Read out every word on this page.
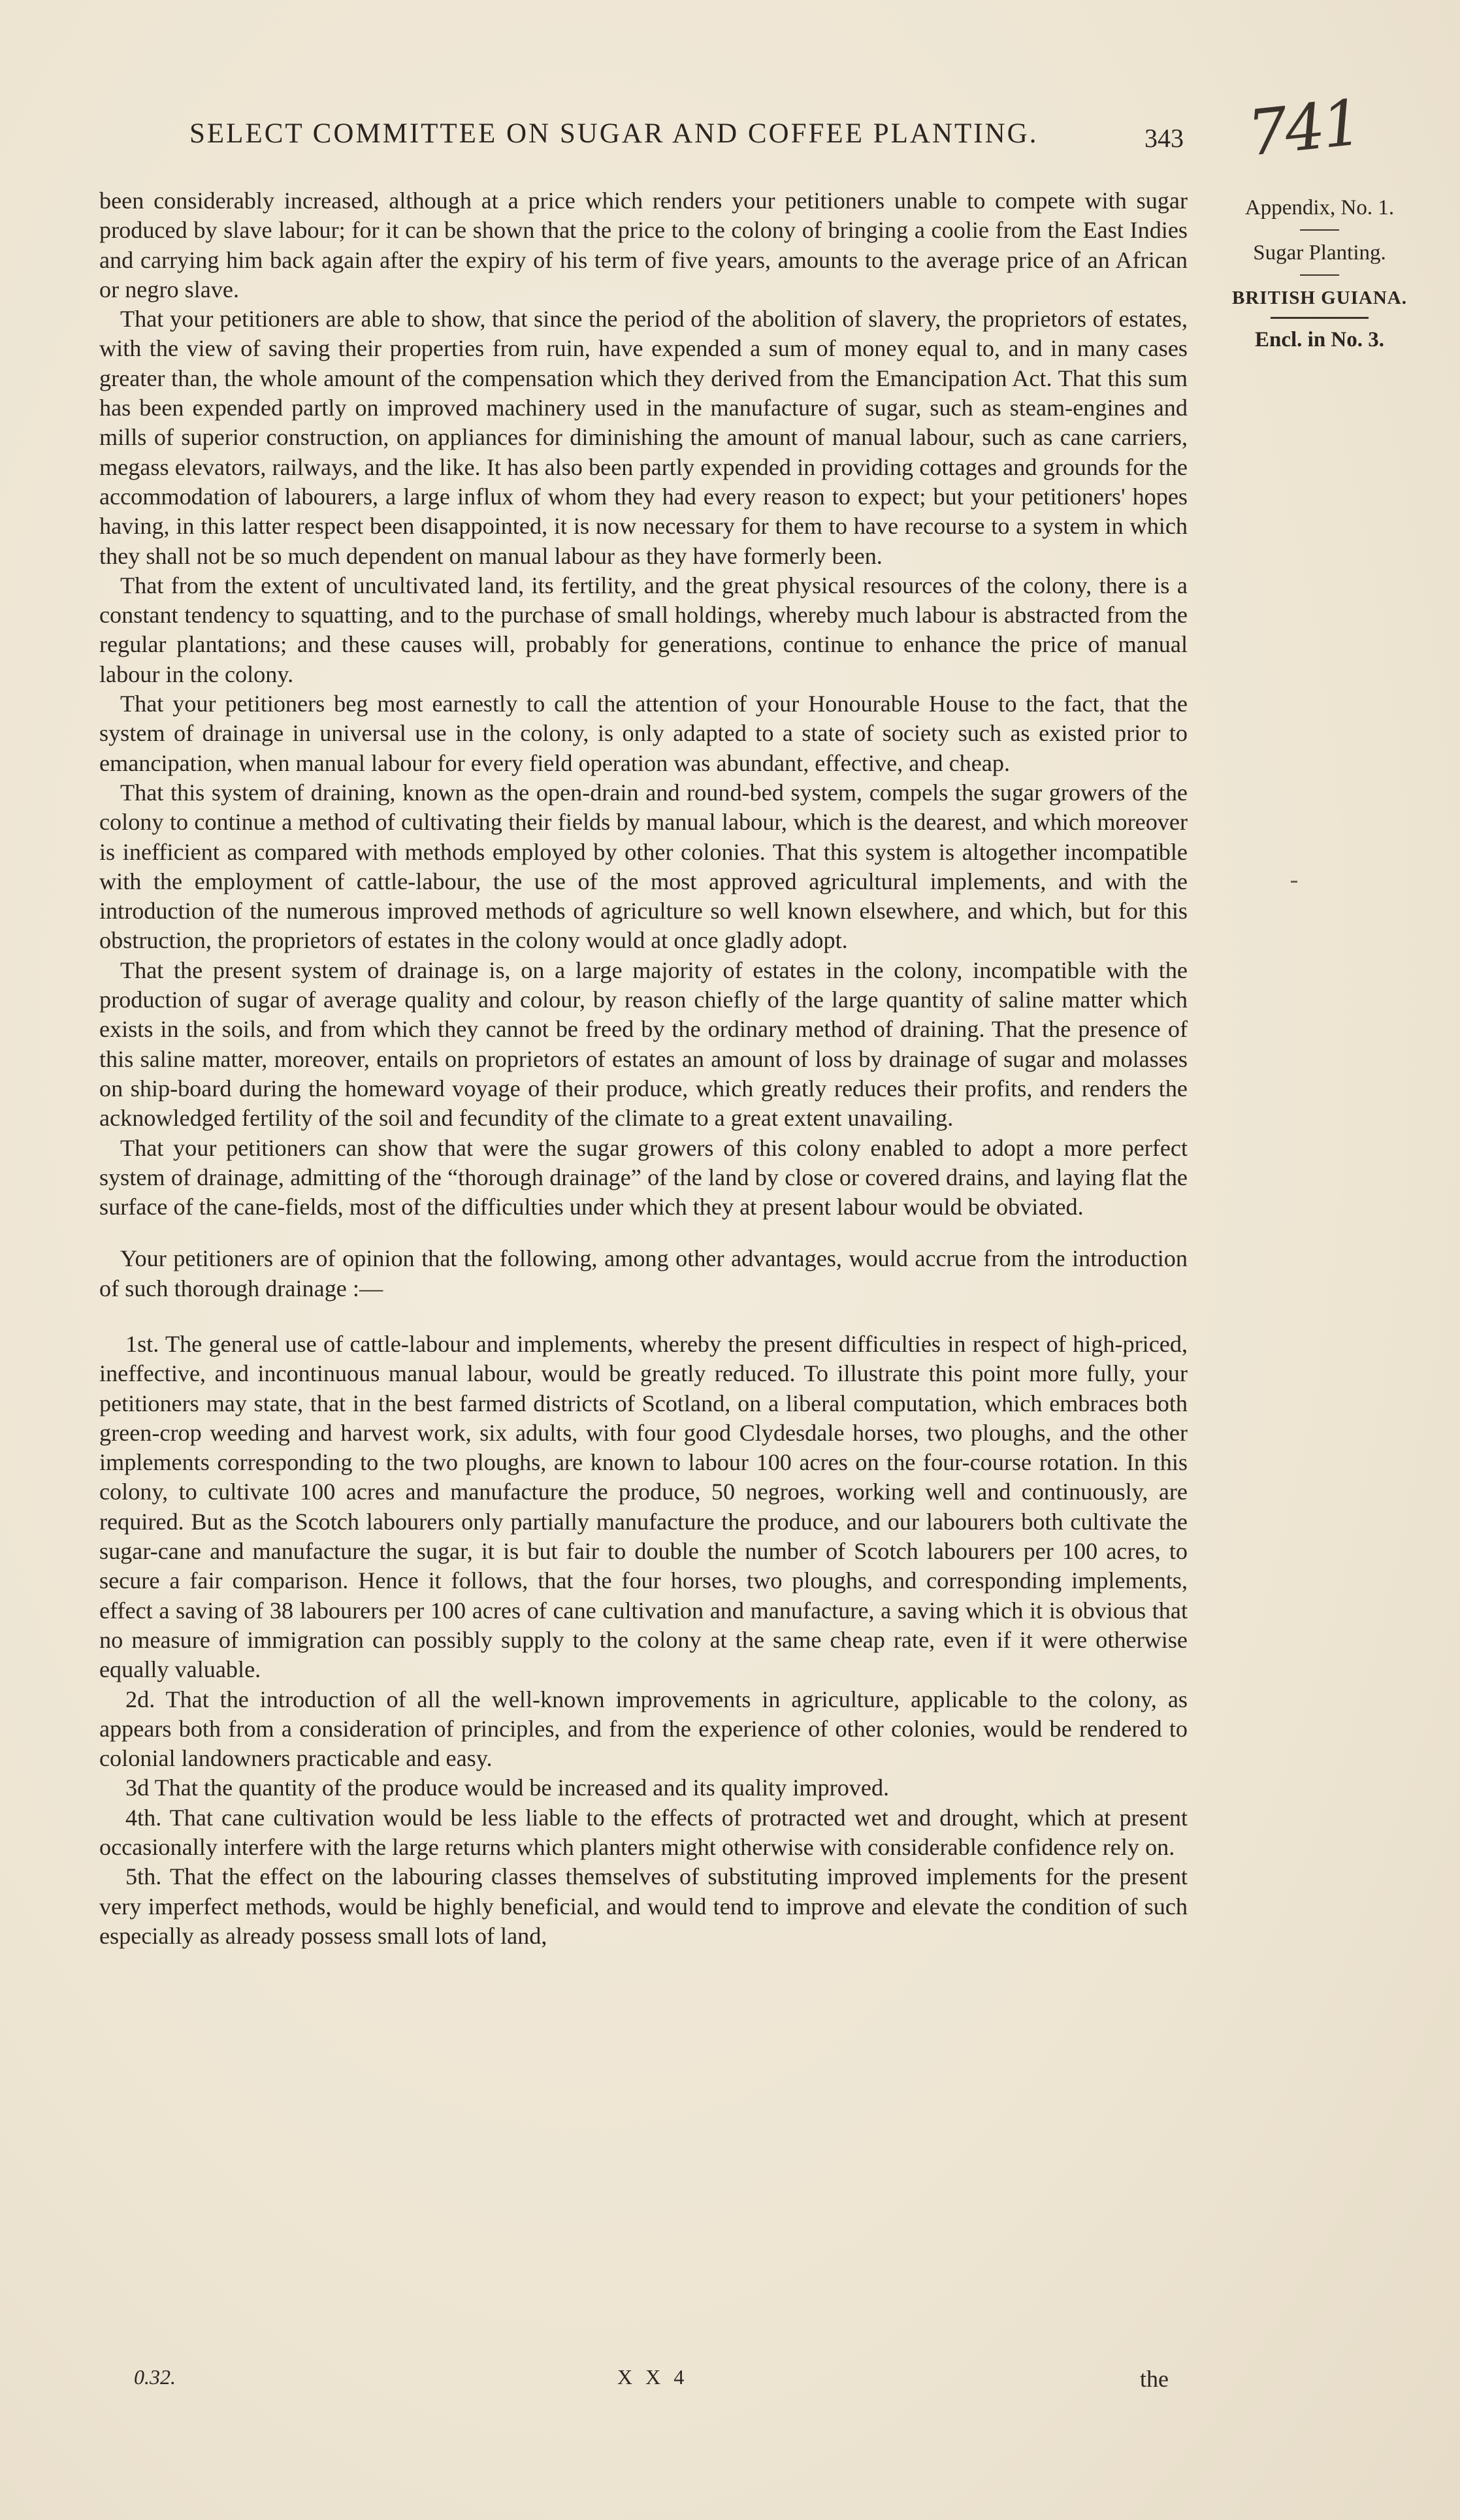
SELECT COMMITTEE ON SUGAR AND COFFEE PLANTING.	343 741
Appendix, No. 1.
Sugar Planting.
BRITISH GUIANA.
Encl. in No. 3.

been considerably increased, although at a price which renders your petitioners unable to compete with sugar produced by slave labour; for it can be shown that the price to the colony of bringing a coolie from the East Indies and carrying him back again after the expiry of his term of five years, amounts to the average price of an African or negro slave.

That your petitioners are able to show, that since the period of the abolition of slavery, the proprietors of estates, with the view of saving their properties from ruin, have expended a sum of money equal to, and in many cases greater than, the whole amount of the compensation which they derived from the Emancipation Act. That this sum has been expended partly on improved machinery used in the manufacture of sugar, such as steam-engines and mills of superior construction, on appliances for diminishing the amount of manual labour, such as cane carriers, megass elevators, railways, and the like. It has also been partly expended in providing cottages and grounds for the accommodation of labourers, a large influx of whom they had every reason to expect; but your petitioners' hopes having, in this latter respect been disappointed, it is now necessary for them to have recourse to a system in which they shall not be so much dependent on manual labour as they have formerly been.

That from the extent of uncultivated land, its fertility, and the great physical resources of the colony, there is a constant tendency to squatting, and to the purchase of small holdings, whereby much labour is abstracted from the regular plantations; and these causes will, probably for generations, continue to enhance the price of manual labour in the colony.

That your petitioners beg most earnestly to call the attention of your Honourable House to the fact, that the system of drainage in universal use in the colony, is only adapted to a state of society such as existed prior to emancipation, when manual labour for every field operation was abundant, effective, and cheap.

That this system of draining, known as the open-drain and round-bed system, compels the sugar growers of the colony to continue a method of cultivating their fields by manual labour, which is the dearest, and which moreover is inefficient as compared with methods employed by other colonies. That this system is altogether incompatible with the employment of cattle-labour, the use of the most approved agricultural implements, and with the introduction of the numerous improved methods of agriculture so well known elsewhere, and which, but for this obstruction, the proprietors of estates in the colony would at once gladly adopt.

That the present system of drainage is, on a large majority of estates in the colony, incompatible with the production of sugar of average quality and colour, by reason chiefly of the large quantity of saline matter which exists in the soils, and from which they cannot be freed by the ordinary method of draining. That the presence of this saline matter, moreover, entails on proprietors of estates an amount of loss by drainage of sugar and molasses on ship-board during the homeward voyage of their produce, which greatly reduces their profits, and renders the acknowledged fertility of the soil and fecundity of the climate to a great extent unavailing.

That your petitioners can show that were the sugar growers of this colony enabled to adopt a more perfect system of drainage, admitting of the “thorough drainage” of the land by close or covered drains, and laying flat the surface of the cane-fields, most of the difficulties under which they at present labour would be obviated.

Your petitioners are of opinion that the following, among other advantages, would accrue from the introduction of such thorough drainage :—

1st. The general use of cattle-labour and implements, whereby the present difficulties in respect of high-priced, ineffective, and incontinuous manual labour, would be greatly reduced. To illustrate this point more fully, your petitioners may state, that in the best farmed districts of Scotland, on a liberal computation, which embraces both green-crop weeding and harvest work, six adults, with four good Clydesdale horses, two ploughs, and the other implements corresponding to the two ploughs, are known to labour 100 acres on the four-course rotation. In this colony, to cultivate 100 acres and manufacture the produce, 50 negroes, working well and continuously, are required. But as the Scotch labourers only partially manufacture the produce, and our labourers both cultivate the sugar-cane and manufacture the sugar, it is but fair to double the number of Scotch labourers per 100 acres, to secure a fair comparison. Hence it follows, that the four horses, two ploughs, and corresponding implements, effect a saving of 38 labourers per 100 acres of cane cultivation and manufacture, a saving which it is obvious that no measure of immigration can possibly supply to the colony at the same cheap rate, even if it were otherwise equally valuable.

2d. That the introduction of all the well-known improvements in agriculture, applicable to the colony, as appears both from a consideration of principles, and from the experience of other colonies, would be rendered to colonial landowners practicable and easy.

3d That the quantity of the produce would be increased and its quality improved.

4th. That cane cultivation would be less liable to the effects of protracted wet and drought, which at present occasionally interfere with the large returns which planters might otherwise with considerable confidence rely on.

5th. That the effect on the labouring classes themselves of substituting improved implements for the present very imperfect methods, would be highly beneficial, and would tend to improve and elevate the condition of such especially as already possess small lots of land,

0.32.	X X 4	the
